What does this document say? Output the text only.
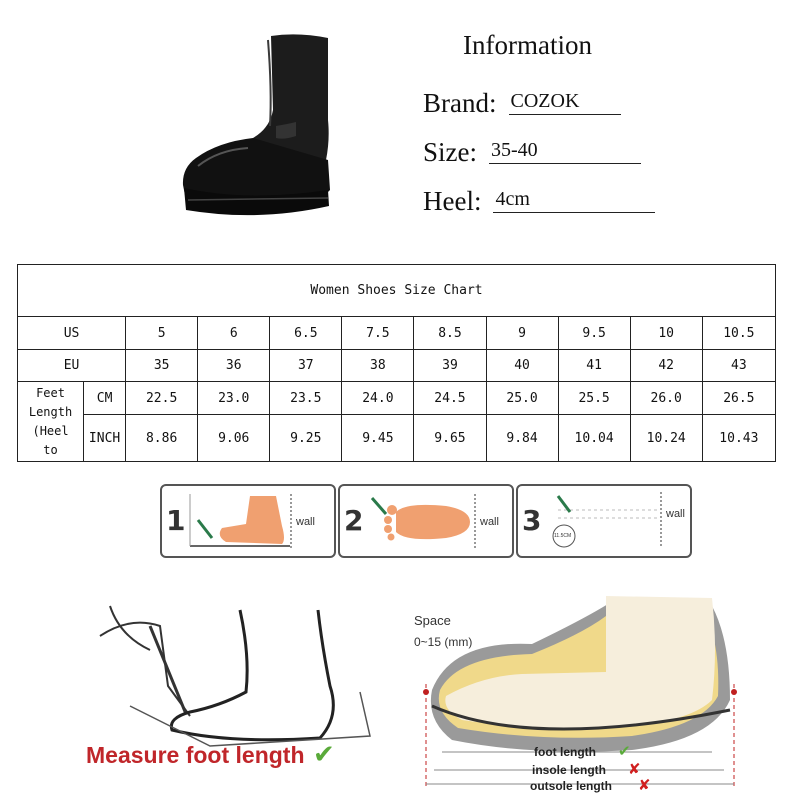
Information
Brand: COZOK
Size: 35-40
Heel: 4cm
Women Shoes Size Chart										
US		5	6	6.5	7.5	8.5	9	9.5	10	10.5
EU		35	36	37	38	39	40	41	42	43

Feet
Length
(Heel
to	CM	22.5	23.0	23.5	24.0	24.5	25.0	25.5	26.0	26.5
	INCH	8.86	9.06	9.25	9.45	9.65	9.84	10.04	10.24	10.43
1	wall 2	wall 3	11.5CM
wall
Measure foot length ✔
Space
0~15 (mm)
foot length ✔
insole length ✘
outsole length ✘
